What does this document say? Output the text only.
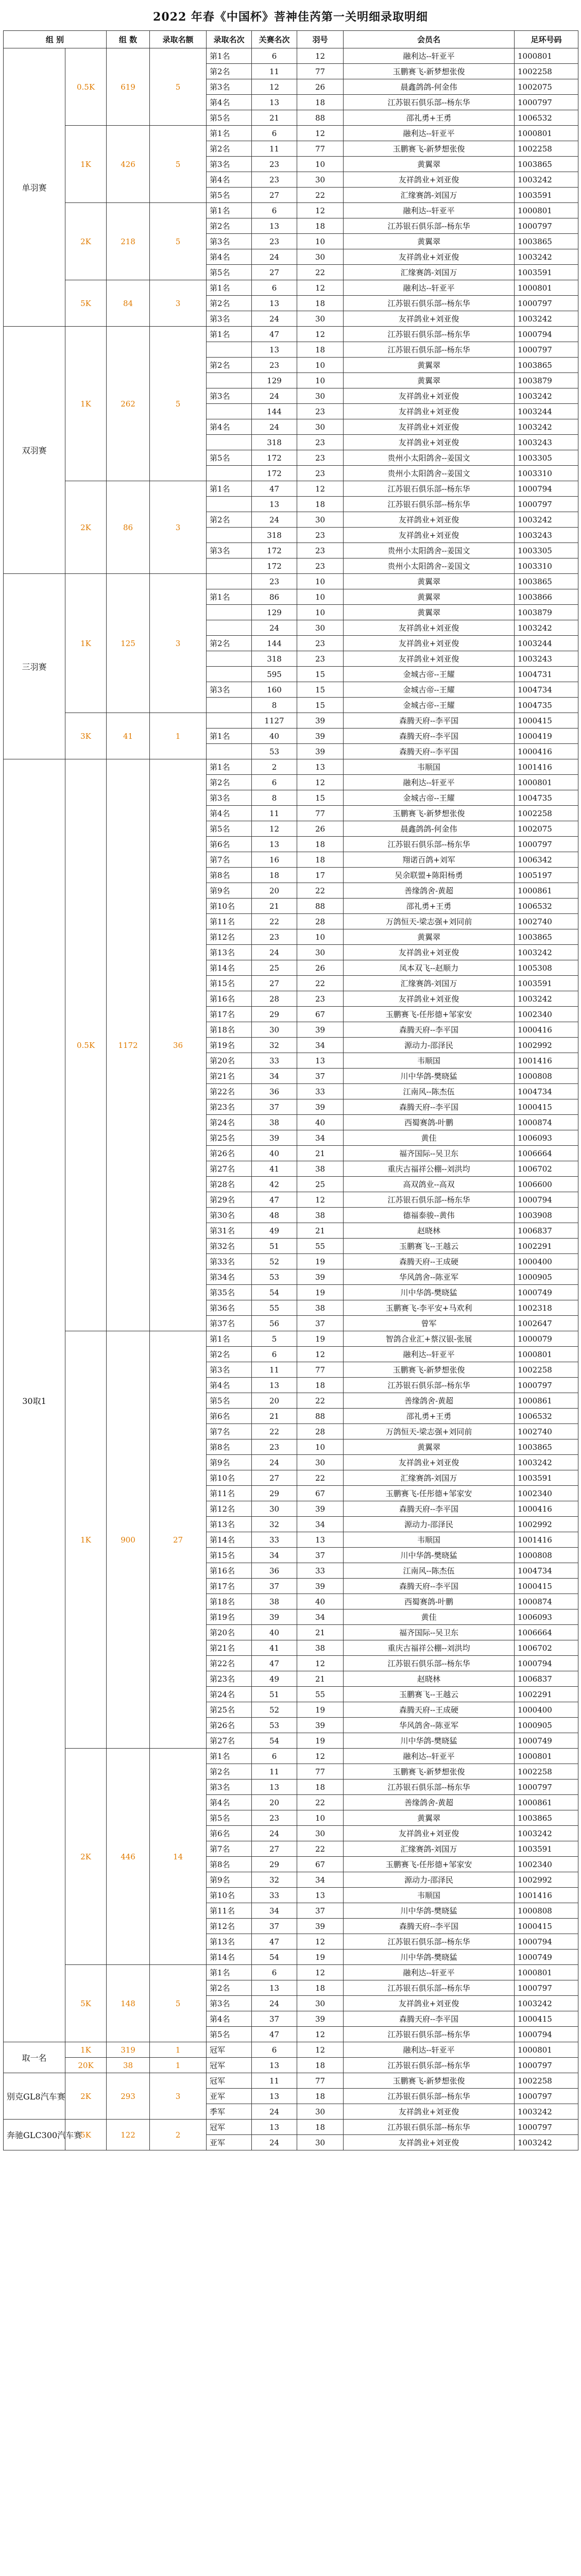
2022 年春《中国杯》菩神佳芮第一关明细录取明细
组 别		组 数	录取名额	录取名次	关赛名次	羽号	会员名	足环号码
单羽赛	0.5K	619	5	第1名	6	12	融利达--轩亚平	1000801
				第2名	11	77	玉鹏赛飞-新梦想张俊	1002258
				第3名	12	26	晨鑫鸽鸽-何金伟	1002075
				第4名	13	18	江苏银石俱乐部--杨东华	1000797
				第5名	21	88	邵礼勇+王勇	1006532
	1K	426	5	第1名	6	12	融利达--轩亚平	1000801
				第2名	11	77	玉鹏赛飞-新梦想张俊	1002258
				第3名	23	10	黄翼翠	1003865
				第4名	23	30	友祥鸽业+刘亚俊	1003242
				第5名	27	22	汇缘赛鸽-刘国万	1003591
	2K	218	5	第1名	6	12	融利达--轩亚平	1000801
				第2名	13	18	江苏银石俱乐部--杨东华	1000797
				第3名	23	10	黄翼翠	1003865
				第4名	24	30	友祥鸽业+刘亚俊	1003242
				第5名	27	22	汇缘赛鸽-刘国万	1003591
	5K	84	3	第1名	6	12	融利达--轩亚平	1000801
				第2名	13	18	江苏银石俱乐部--杨东华	1000797
				第3名	24	30	友祥鸽业+刘亚俊	1003242
双羽赛	1K	262	5	第1名	47	12	江苏银石俱乐部--杨东华	1000794
					13	18	江苏银石俱乐部--杨东华	1000797
				第2名	23	10	黄翼翠	1003865
					129	10	黄翼翠	1003879
				第3名	24	30	友祥鸽业+刘亚俊	1003242
					144	23	友祥鸽业+刘亚俊	1003244
				第4名	24	30	友祥鸽业+刘亚俊	1003242
					318	23	友祥鸽业+刘亚俊	1003243
				第5名	172	23	贵州小太阳鸽舍--姜国文	1003305
					172	23	贵州小太阳鸽舍--姜国文	1003310
	2K	86	3	第1名	47	12	江苏银石俱乐部--杨东华	1000794
					13	18	江苏银石俱乐部--杨东华	1000797
				第2名	24	30	友祥鸽业+刘亚俊	1003242
					318	23	友祥鸽业+刘亚俊	1003243
				第3名	172	23	贵州小太阳鸽舍--姜国文	1003305
					172	23	贵州小太阳鸽舍--姜国文	1003310
三羽赛	1K	125	3		23	10	黄翼翠	1003865
				第1名	86	10	黄翼翠	1003866
					129	10	黄翼翠	1003879
					24	30	友祥鸽业+刘亚俊	1003242
				第2名	144	23	友祥鸽业+刘亚俊	1003244
					318	23	友祥鸽业+刘亚俊	1003243
					595	15	金城古帝--王耀	1004731
				第3名	160	15	金城古帝--王耀	1004734
					8	15	金城古帝--王耀	1004735
	3K	41	1		1127	39	森腾天府--李平国	1000415
				第1名	40	39	森腾天府--李平国	1000419
					53	39	森腾天府--李平国	1000416
30取1	0.5K	1172	36	第1名	2	13	韦顺国	1001416
				第2名	6	12	融利达--轩亚平	1000801
				第3名	8	15	金城古帝--王耀	1004735
				第4名	11	77	玉鹏赛飞-新梦想张俊	1002258
				第5名	12	26	晨鑫鸽鸽-何金伟	1002075
				第6名	13	18	江苏银石俱乐部--杨东华	1000797
				第7名	16	18	翔诺百鸽+刘军	1006342
				第8名	18	17	吴余联盟+陈阳杨勇	1005197
				第9名	20	22	善缘鸽舍-黄超	1000861
				第10名	21	88	邵礼勇+王勇	1006532
				第11名	22	28	万鸽恒天-梁志强+刘同前	1002740
				第12名	23	10	黄翼翠	1003865
				第13名	24	30	友祥鸽业+刘亚俊	1003242
				第14名	25	26	凤本双飞--赵顺力	1005308
				第15名	27	22	汇缘赛鸽-刘国万	1003591
				第16名	28	23	友祥鸽业+刘亚俊	1003242
				第17名	29	67	玉鹏赛飞-任彤德+邹家安	1002340
				第18名	30	39	森腾天府--李平国	1000416
				第19名	32	34	源动力-邵泽民	1002992
				第20名	33	13	韦顺国	1001416
				第21名	34	37	川中华鸽-樊晓猛	1000808
				第22名	36	33	江南风--陈杰伍	1004734
				第23名	37	39	森腾天府--李平国	1000415
				第24名	38	40	西蜀赛鸽-叶鹏	1000874
				第25名	39	34	黄佳	1006093
				第26名	40	21	福齐国际--吴卫东	1006664
				第27名	41	38	重庆古福祥公棚--刘洪均	1006702
				第28名	42	25	高双鸽业--高双	1006600
				第29名	47	12	江苏银石俱乐部--杨东华	1000794
				第30名	48	38	德福泰骏--黄伟	1003908
				第31名	49	21	赵晓林	1006837
				第32名	51	55	玉鹏赛飞--王越云	1002291
				第33名	52	19	森腾天府--王成硬	1000400
				第34名	53	39	华风鸽舍--陈亚军	1000905
				第35名	54	19	川中华鸽-樊晓猛	1000749
				第36名	55	38	玉鹏赛飞-李平安+马欢利	1002318
				第37名	56	37	曾军	1002647
	1K	900	27	第1名	5	19	智鸽合业汇+蔡汉银-张展	1000079
				第2名	6	12	融利达--轩亚平	1000801
				第3名	11	77	玉鹏赛飞-新梦想张俊	1002258
				第4名	13	18	江苏银石俱乐部--杨东华	1000797
				第5名	20	22	善缘鸽舍-黄超	1000861
				第6名	21	88	邵礼勇+王勇	1006532
				第7名	22	28	万鸽恒天-梁志强+刘同前	1002740
				第8名	23	10	黄翼翠	1003865
				第9名	24	30	友祥鸽业+刘亚俊	1003242
				第10名	27	22	汇缘赛鸽-刘国万	1003591
				第11名	29	67	玉鹏赛飞-任彤德+邹家安	1002340
				第12名	30	39	森腾天府--李平国	1000416
				第13名	32	34	源动力-邵泽民	1002992
				第14名	33	13	韦顺国	1001416
				第15名	34	37	川中华鸽-樊晓猛	1000808
				第16名	36	33	江南风--陈杰伍	1004734
				第17名	37	39	森腾天府--李平国	1000415
				第18名	38	40	西蜀赛鸽-叶鹏	1000874
				第19名	39	34	黄佳	1006093
				第20名	40	21	福齐国际--吴卫东	1006664
				第21名	41	38	重庆古福祥公棚--刘洪均	1006702
				第22名	47	12	江苏银石俱乐部--杨东华	1000794
				第23名	49	21	赵晓林	1006837
				第24名	51	55	玉鹏赛飞--王越云	1002291
				第25名	52	19	森腾天府--王成硬	1000400
				第26名	53	39	华风鸽舍--陈亚军	1000905
				第27名	54	19	川中华鸽-樊晓猛	1000749
	2K	446	14	第1名	6	12	融利达--轩亚平	1000801
				第2名	11	77	玉鹏赛飞-新梦想张俊	1002258
				第3名	13	18	江苏银石俱乐部--杨东华	1000797
				第4名	20	22	善缘鸽舍-黄超	1000861
				第5名	23	10	黄翼翠	1003865
				第6名	24	30	友祥鸽业+刘亚俊	1003242
				第7名	27	22	汇缘赛鸽-刘国万	1003591
				第8名	29	67	玉鹏赛飞-任彤德+邹家安	1002340
				第9名	32	34	源动力-邵泽民	1002992
				第10名	33	13	韦顺国	1001416
				第11名	34	37	川中华鸽-樊晓猛	1000808
				第12名	37	39	森腾天府--李平国	1000415
				第13名	47	12	江苏银石俱乐部--杨东华	1000794
				第14名	54	19	川中华鸽-樊晓猛	1000749
	5K	148	5	第1名	6	12	融利达--轩亚平	1000801
				第2名	13	18	江苏银石俱乐部--杨东华	1000797
				第3名	24	30	友祥鸽业+刘亚俊	1003242
				第4名	37	39	森腾天府--李平国	1000415
				第5名	47	12	江苏银石俱乐部--杨东华	1000794
取一名	1K	319	1	冠军	6	12	融利达--轩亚平	1000801
	20K	38	1	冠军	13	18	江苏银石俱乐部--杨东华	1000797
别克GL8汽车赛	2K	293	3	冠军	11	77	玉鹏赛飞-新梦想张俊	1002258
				亚军	13	18	江苏银石俱乐部--杨东华	1000797
				季军	24	30	友祥鸽业+刘亚俊	1003242
奔驰GLC300汽车赛	5K	122	2	冠军	13	18	江苏银石俱乐部--杨东华	1000797
				亚军	24	30	友祥鸽业+刘亚俊	1003242
